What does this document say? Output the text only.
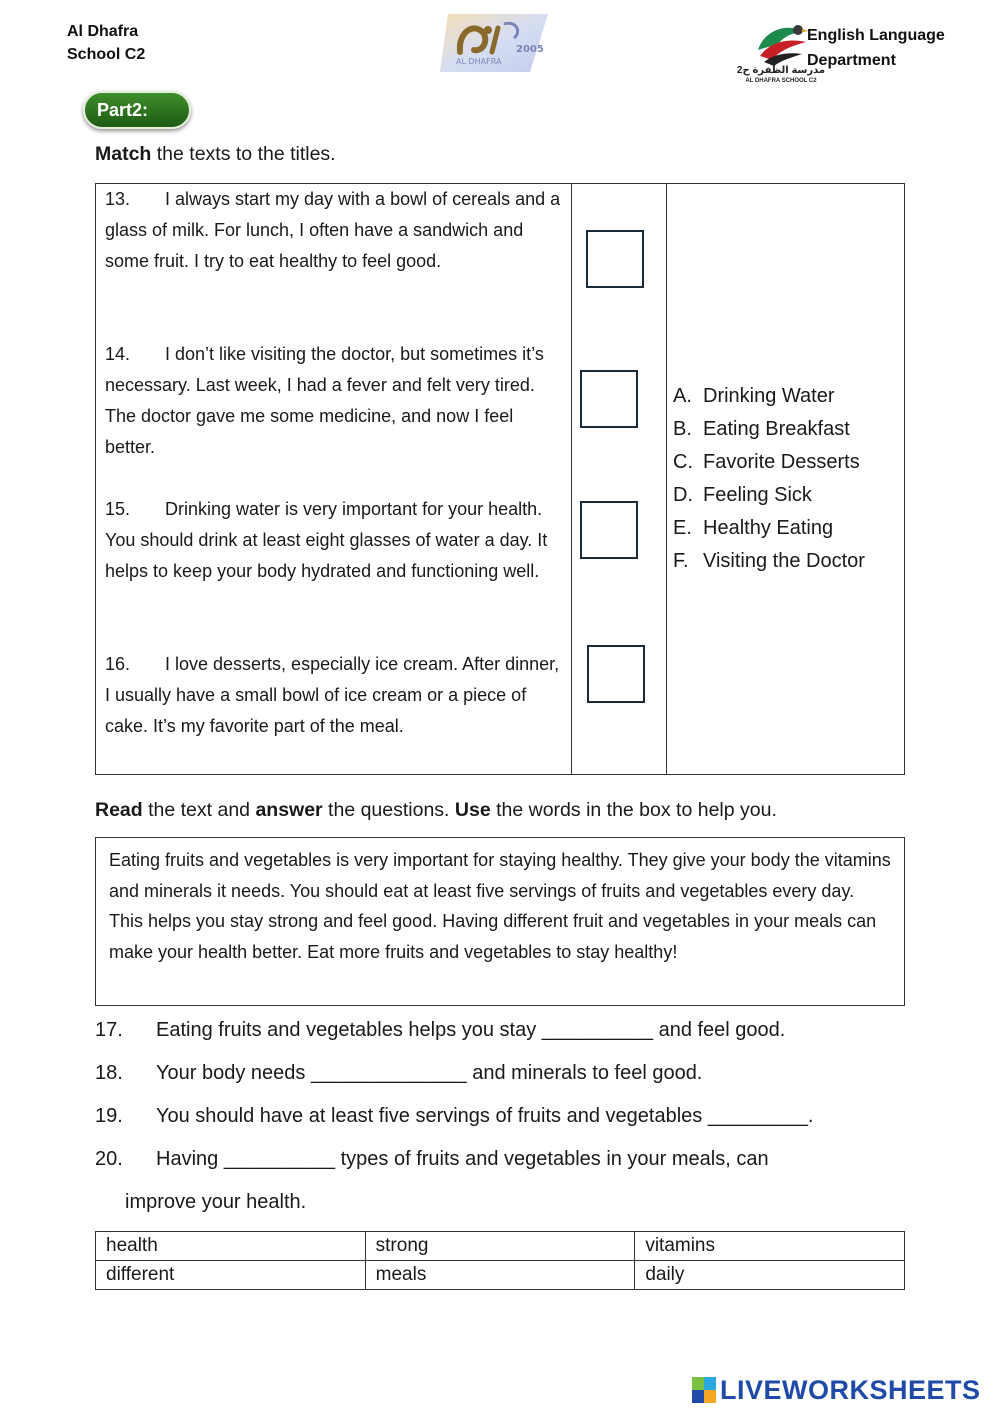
Al Dhafra
School C2	2005
AL DHAFRA
مدرسة الظفرة ح2
AL DHAFRA SCHOOL C2
English Language
Department
Part2:
Match the texts to the titles.
13. I always start my day with a bowl of cereals and a glass of milk. For lunch, I often have a sandwich and some fruit. I try to eat healthy to feel good.
14. I don’t like visiting the doctor, but sometimes it’s necessary. Last week, I had a fever and felt very tired. The doctor gave me some medicine, and now I feel better.
15. Drinking water is very important for your health. You should drink at least eight glasses of water a day. It helps to keep your body hydrated and functioning well.
16. I love desserts, especially ice cream. After dinner, I usually have a small bowl of ice cream or a piece of cake. It’s my favorite part of the meal.
A. Drinking Water
B. Eating Breakfast
C. Favorite Desserts
D. Feeling Sick
E. Healthy Eating
F. Visiting the Doctor
Read the text and answer the questions. Use the words in the box to help you.
Eating fruits and vegetables is very important for staying healthy. They give your body the vitamins and minerals it needs. You should eat at least five servings of fruits and vegetables every day. This helps you stay strong and feel good. Having different fruit and vegetables in your meals can make your health better. Eat more fruits and vegetables to stay healthy!
17. Eating fruits and vegetables helps you stay __________ and feel good.
18. Your body needs ______________ and minerals to feel good.
19. You should have at least five servings of fruits and vegetables _________.
20. Having __________ types of fruits and vegetables in your meals, can
improve your health.
health	strong	vitamins
different	meals	daily
LIVEWORKSHEETS
